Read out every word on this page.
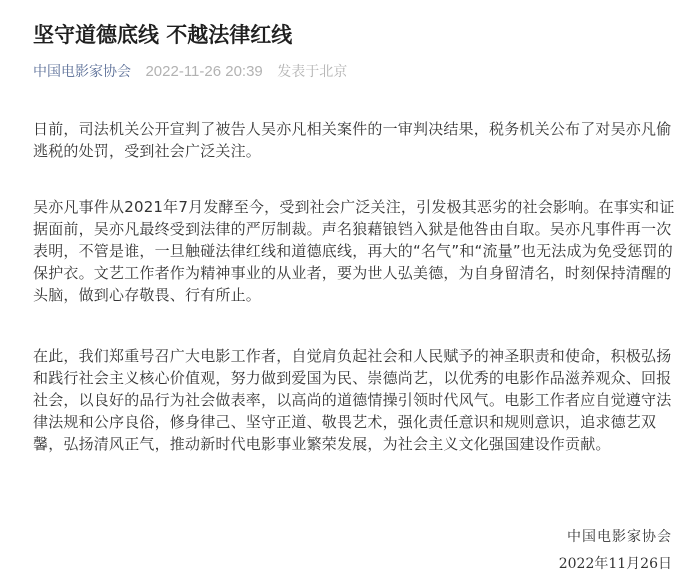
坚守道德底线 不越法律红线
中国电影家协会 2022-11-26 20:39 发表于北京

日前，司法机关公开宣判了被告人吴亦凡相关案件的一审判决结果，税务机关公布了对吴亦凡偷逃税的处罚，受到社会广泛关注。

吴亦凡事件从2021年7月发酵至今，受到社会广泛关注，引发极其恶劣的社会影响。在事实和证据面前，吴亦凡最终受到法律的严厉制裁。声名狼藉锒铛入狱是他咎由自取。吴亦凡事件再一次表明，不管是谁，一旦触碰法律红线和道德底线，再大的“名气”和“流量”也无法成为免受惩罚的保护衣。文艺工作者作为精神事业的从业者，要为世人弘美德，为自身留清名，时刻保持清醒的头脑，做到心存敬畏、行有所止。

在此，我们郑重号召广大电影工作者，自觉肩负起社会和人民赋予的神圣职责和使命，积极弘扬和践行社会主义核心价值观，努力做到爱国为民、崇德尚艺，以优秀的电影作品滋养观众、回报社会，以良好的品行为社会做表率，以高尚的道德情操引领时代风气。电影工作者应自觉遵守法律法规和公序良俗，修身律己、坚守正道、敬畏艺术，强化责任意识和规则意识，追求德艺双馨，弘扬清风正气，推动新时代电影事业繁荣发展，为社会主义文化强国建设作贡献。

中国电影家协会
2022年11月26日
